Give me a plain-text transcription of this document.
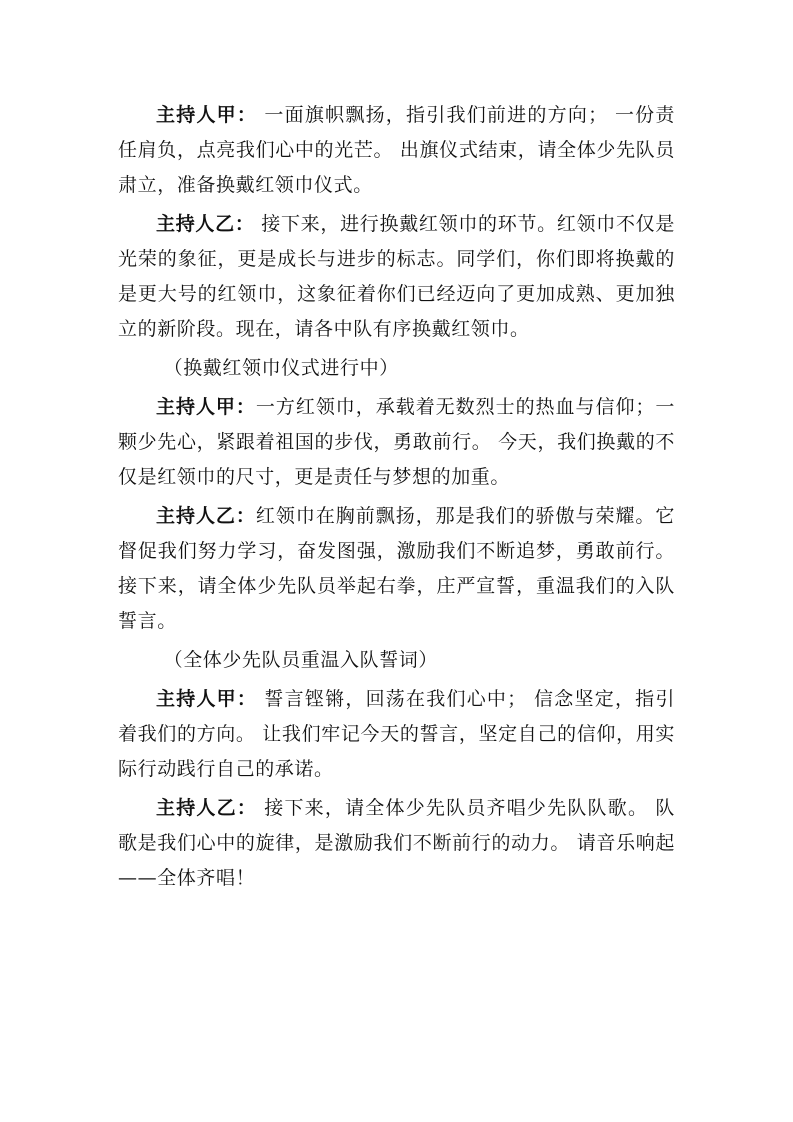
主持人甲： 一面旗帜飘扬，指引我们前进的方向； 一份责任肩负，点亮我们心中的光芒。 出旗仪式结束，请全体少先队员肃立，准备换戴红领巾仪式。

主持人乙： 接下来，进行换戴红领巾的环节。红领巾不仅是光荣的象征，更是成长与进步的标志。同学们，你们即将换戴的是更大号的红领巾，这象征着你们已经迈向了更加成熟、更加独立的新阶段。现在，请各中队有序换戴红领巾。

（换戴红领巾仪式进行中）

主持人甲：一方红领巾，承载着无数烈士的热血与信仰；一颗少先心，紧跟着祖国的步伐，勇敢前行。 今天，我们换戴的不仅是红领巾的尺寸，更是责任与梦想的加重。

主持人乙：红领巾在胸前飘扬，那是我们的骄傲与荣耀。它督促我们努力学习，奋发图强，激励我们不断追梦，勇敢前行。接下来，请全体少先队员举起右拳，庄严宣誓，重温我们的入队誓言。

（全体少先队员重温入队誓词）

主持人甲： 誓言铿锵，回荡在我们心中； 信念坚定，指引着我们的方向。 让我们牢记今天的誓言，坚定自己的信仰，用实际行动践行自己的承诺。

主持人乙： 接下来，请全体少先队员齐唱少先队队歌。 队歌是我们心中的旋律，是激励我们不断前行的动力。 请音乐响起——全体齐唱！
